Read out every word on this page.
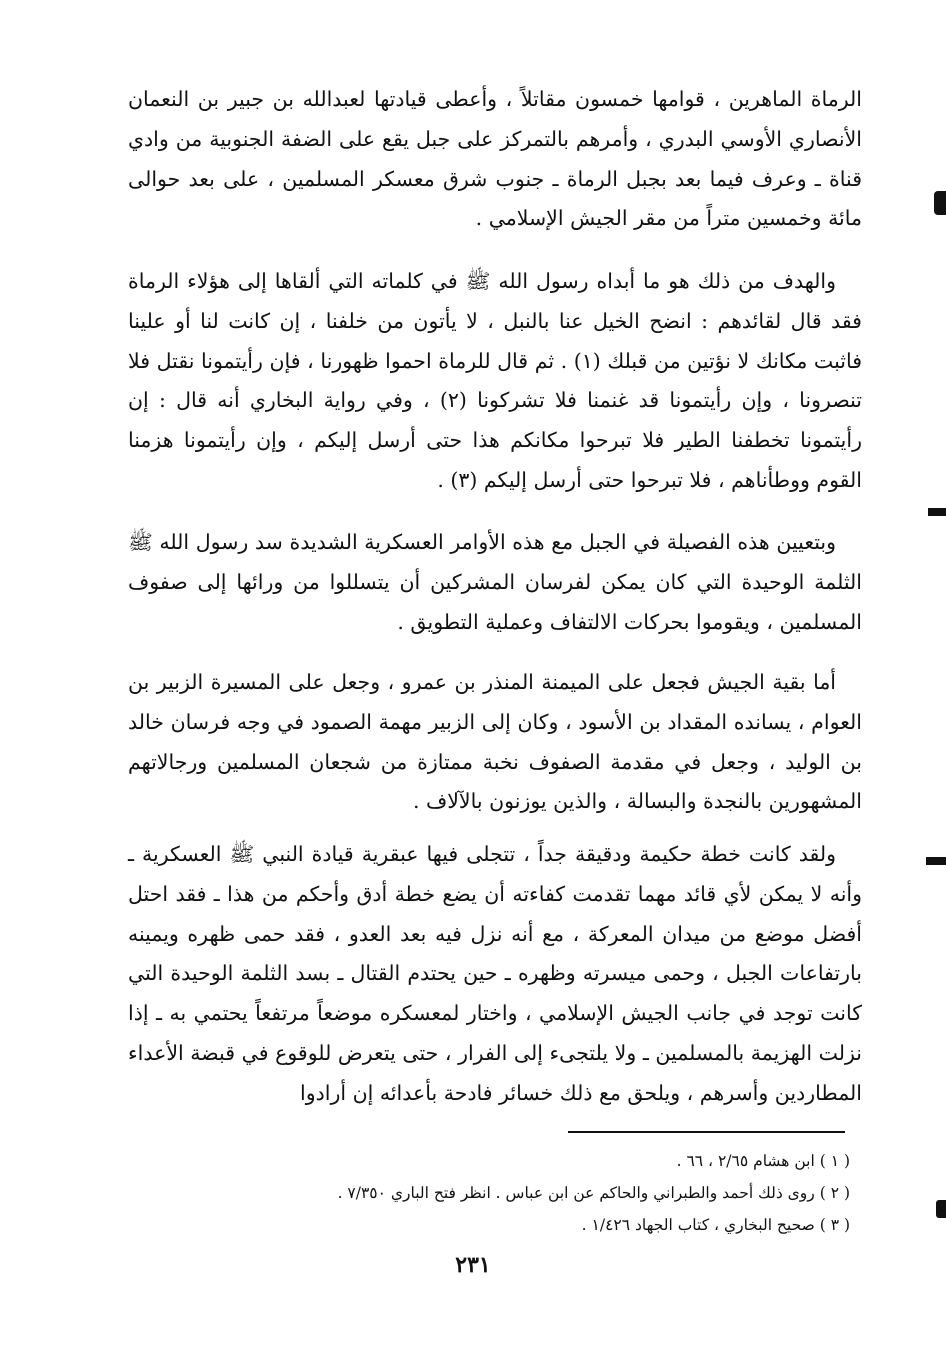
الرماة الماهرين ، قوامها خمسون مقاتلاً ، وأعطى قيادتها لعبدالله بن جبير بن النعمان الأنصاري الأوسي البدري ، وأمرهم بالتمركز على جبل يقع على الضفة الجنوبية من وادي قناة ـ وعرف فيما بعد بجبل الرماة ـ جنوب شرق معسكر المسلمين ، على بعد حوالى مائة وخمسين متراً من مقر الجيش الإسلامي .

والهدف من ذلك هو ما أبداه رسول الله ﷺ في كلماته التي ألقاها إلى هؤلاء الرماة فقد قال لقائدهم : انضح الخيل عنا بالنبل ، لا يأتون من خلفنا ، إن كانت لنا أو علينا فاثبت مكانك لا نؤتين من قبلك (١) . ثم قال للرماة احموا ظهورنا ، فإن رأيتمونا نقتل فلا تنصرونا ، وإن رأيتمونا قد غنمنا فلا تشركونا (٢) ، وفي رواية البخاري أنه قال : إن رأيتمونا تخطفنا الطير فلا تبرحوا مكانكم هذا حتى أرسل إليكم ، وإن رأيتمونا هزمنا القوم ووطأناهم ، فلا تبرحوا حتى أرسل إليكم (٣) .

وبتعيين هذه الفصيلة في الجبل مع هذه الأوامر العسكرية الشديدة سد رسول الله ﷺ الثلمة الوحيدة التي كان يمكن لفرسان المشركين أن يتسللوا من ورائها إلى صفوف المسلمين ، ويقوموا بحركات الالتفاف وعملية التطويق .

أما بقية الجيش فجعل على الميمنة المنذر بن عمرو ، وجعل على المسيرة الزبير بن العوام ، يسانده المقداد بن الأسود ، وكان إلى الزبير مهمة الصمود في وجه فرسان خالد بن الوليد ، وجعل في مقدمة الصفوف نخبة ممتازة من شجعان المسلمين ورجالاتهم المشهورين بالنجدة والبسالة ، والذين يوزنون بالآلاف .

ولقد كانت خطة حكيمة ودقيقة جداً ، تتجلى فيها عبقرية قيادة النبي ﷺ العسكرية ـ وأنه لا يمكن لأي قائد مهما تقدمت كفاءته أن يضع خطة أدق وأحكم من هذا ـ فقد احتل أفضل موضع من ميدان المعركة ، مع أنه نزل فيه بعد العدو ، فقد حمى ظهره ويمينه بارتفاعات الجبل ، وحمى ميسرته وظهره ـ حين يحتدم القتال ـ بسد الثلمة الوحيدة التي كانت توجد في جانب الجيش الإسلامي ، واختار لمعسكره موضعاً مرتفعاً يحتمي به ـ إذا نزلت الهزيمة بالمسلمين ـ ولا يلتجىء إلى الفرار ، حتى يتعرض للوقوع في قبضة الأعداء المطاردين وأسرهم ، ويلحق مع ذلك خسائر فادحة بأعدائه إن أرادوا

( ١ ) ابن هشام ٢/٦٥ ، ٦٦ .
( ٢ ) روى ذلك أحمد والطبراني والحاكم عن ابن عباس . انظر فتح الباري ٧/٣٥٠ .
( ٣ ) صحيح البخاري ، كتاب الجهاد ١/٤٢٦ .
٢٣١
